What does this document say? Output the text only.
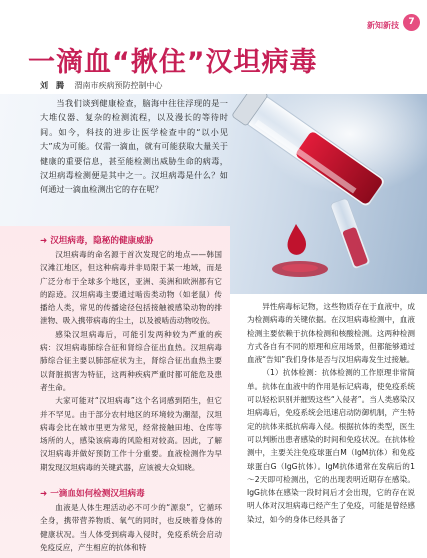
新知新技	7
一滴血“揪住”汉坦病毒
刘　腾 渭南市疾病预防控制中心

当我们谈到健康检查，脑海中往往浮现的是一大堆仪器、复杂的检测流程，以及漫长的等待时间。如今，科技的进步让医学检查中的“以小见大”成为可能。仅需一滴血，就有可能获取大量关于健康的重要信息，甚至能检测出威胁生命的病毒，汉坦病毒检测便是其中之一。汉坦病毒是什么？如何通过一滴血检测出它的存在呢？

➜ 汉坦病毒，隐秘的健康威胁

汉坦病毒的命名源于首次发现它的地点——韩国汉滩江地区，但这种病毒并非局限于某一地域，而是广泛分布于全球多个地区，亚洲、美洲和欧洲都有它的踪迹。汉坦病毒主要通过啮齿类动物（如老鼠）传播给人类，常见的传播途径包括接触被感染动物的排泄物、吸入携带病毒的尘土，以及被啮齿动物咬伤。

感染汉坦病毒后，可能引发两种较为严重的疾病：汉坦病毒肺综合征和肾综合征出血热。汉坦病毒肺综合征主要以肺部症状为主，肾综合征出血热主要以肾脏损害为特征，这两种疾病严重时都可能危及患者生命。

大家可能对“汉坦病毒”这个名词感到陌生，但它并不罕见。由于部分农村地区的环境较为潮湿，汉坦病毒会比在城市里更为常见，经常接触田地、仓库等场所的人，感染该病毒的风险相对较高。因此，了解汉坦病毒并做好预防工作十分重要。血液检测作为早期发现汉坦病毒的关键武器，应该被大众知晓。

➜ 一滴血如何检测汉坦病毒

血液是人体生理活动必不可少的“源泉”，它循环全身，携带营养物质、氧气的同时，也反映着身体的健康状况。当人体受到病毒入侵时，免疫系统会启动免疫反应，产生相应的抗体和特

异性病毒标记物，这些物质存在于血液中，成为检测病毒的关键依据。在汉坦病毒检测中，血液检测主要依赖于抗体检测和核酸检测。这两种检测方式各自有不同的原理和应用场景，但都能够通过血液“告知”我们身体是否与汉坦病毒发生过接触。

（1）抗体检测：抗体检测的工作原理非常简单。抗体在血液中的作用是标记病毒，使免疫系统可以轻松识别并摧毁这些“入侵者”。当人类感染汉坦病毒后，免疫系统会迅速启动防御机制，产生特定的抗体来抵抗病毒入侵。根据抗体的类型，医生可以判断出患者感染的时间和免疫状况。在抗体检测中，主要关注免疫球蛋白M（IgM抗体）和免疫球蛋白G（IgG抗体）。IgM抗体通常在发病后的1～2天即可检测出，它的出现表明近期存在感染。IgG抗体在感染一段时间后才会出现，它的存在说明人体对汉坦病毒已经产生了免疫，可能是曾经感染过，如今的身体已经具备了
